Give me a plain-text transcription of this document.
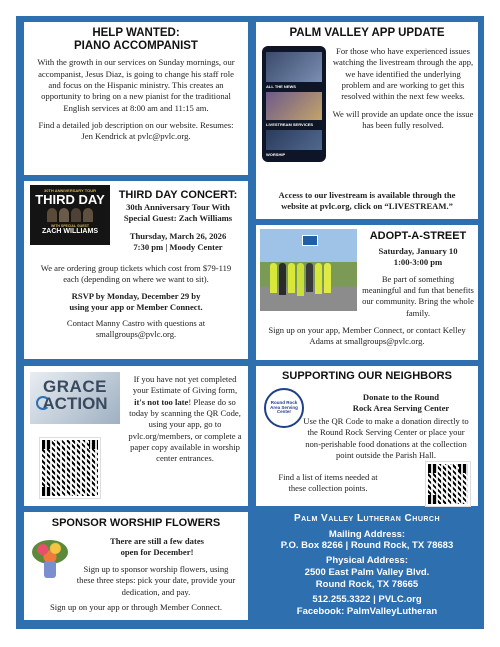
HELP WANTED:
PIANO ACCOMPANIST

With the growth in our services on Sunday mornings, our accompanist, Jesus Diaz, is going to change his staff role and focus on the Hispanic ministry. This creates an opportunity to bring on a new pianist for the traditional English services at 8:00 am and 11:15 am.

Find a detailed job description on our website. Resumes: Jen Kendrick at pvlc@pvlc.org.

PALM VALLEY APP UPDATE
ALL THE NEWS
LIVESTREAM SERVICES
WORSHIP

For those who have experienced issues watching the livestream through the app, we have identified the underlying problem and are working to get this resolved within the next few weeks.

We will provide an update once the issue has been fully resolved.

Access to our livestream is available through the website at pvlc.org, click on “LIVESTREAM.”

30TH ANNIVERSARY TOUR
THIRD DAY
WITH SPECIAL GUEST
ZACH WILLIAMS
THIRD DAY CONCERT:
30th Anniversary Tour With
Special Guest: Zach Williams
Thursday, March 26, 2026
7:30 pm | Moody Center

We are ordering group tickets which cost from $79-119 each (depending on where we want to sit).

RSVP by Monday, December 29 by
using your app or Member Connect.

Contact Manny Castro with questions at smallgroups@pvlc.org.

ADOPT-A-STREET
Saturday, January 10
1:00-3:00 pm

Be part of something meaningful and fun that benefits our community. Bring the whole family.

Sign up on your app, Member Connect, or contact Kelley Adams at smallgroups@pvlc.org.

GRACE
ACTION

If you have not yet completed your Estimate of Giving form, it's not too late! Please do so today by scanning the QR Code, using your app, go to pvlc.org/members, or complete a paper copy available in worship center entrances.

SUPPORTING OUR NEIGHBORS
Round Rock Area Serving Center
Donate to the Round
Rock Area Serving Center

Use the QR Code to make a donation directly to the Round Rock Serving Center or place your non-perishable food donations at the collection point outside the Parish Hall.

Find a list of items needed at these collection points.

SPONSOR WORSHIP FLOWERS
There are still a few dates
open for December!

Sign up to sponsor worship flowers, using these three steps: pick your date, provide your dedication, and pay.

Sign up on your app or through Member Connect.

Palm Valley Lutheran Church
Mailing Address:
P.O. Box 8266 | Round Rock, TX 78683
Physical Address:
2500 East Palm Valley Blvd.
Round Rock, TX 78665
512.255.3322 | PVLC.org
Facebook: PalmValleyLutheran
